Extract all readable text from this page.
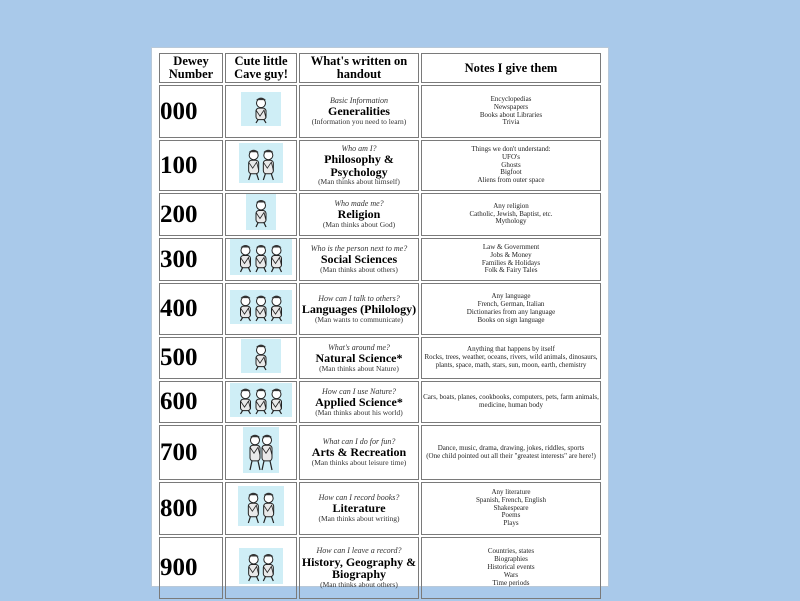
Dewey Number	Cute little Cave guy!	What's written on handout	Notes I give them
000		Basic Information
Generalities
(Information you need to learn)	Encyclopedias
Newspapers
Books about Libraries
Trivia

100		Who am I?
Philosophy & Psychology
(Man thinks about himself)	Things we don't understand:
UFO's
Ghosts
Bigfoot
Aliens from outer space

200		Who made me?
Religion
(Man thinks about God)	Any religion
Catholic, Jewish, Baptist, etc.
Mythology

300		Who is the person next to me?
Social Sciences
(Man thinks about others)	Law & Government
Jobs & Money
Families & Holidays
Folk & Fairy Tales

400		How can I talk to others?
Languages (Philology)
(Man wants to communicate)	Any language
French, German, Italian
Dictionaries from any language
Books on sign language

500		What's around me?
Natural Science*
(Man thinks about Nature)	Anything that happens by itself
Rocks, trees, weather, oceans, rivers, wild animals, dinosaurs, plants, space, math, stars, sun, moon, earth, chemistry

600		How can I use Nature?
Applied Science*
(Man thinks about his world)	Cars, boats, planes, cookbooks, computers, pets, farm animals, medicine, human body

700		What can I do for fun?
Arts & Recreation
(Man thinks about leisure time)	Dance, music, drama, drawing, jokes, riddles, sports
(One child pointed out all their "greatest interests" are here!)

800		How can I record books?
Literature
(Man thinks about writing)	Any literature
Spanish, French, English
Shakespeare
Poems
Plays

900		How can I leave a record?
History, Geography & Biography
(Man thinks about others)	Countries, states
Biographies
Historical events
Wars
Time periods
